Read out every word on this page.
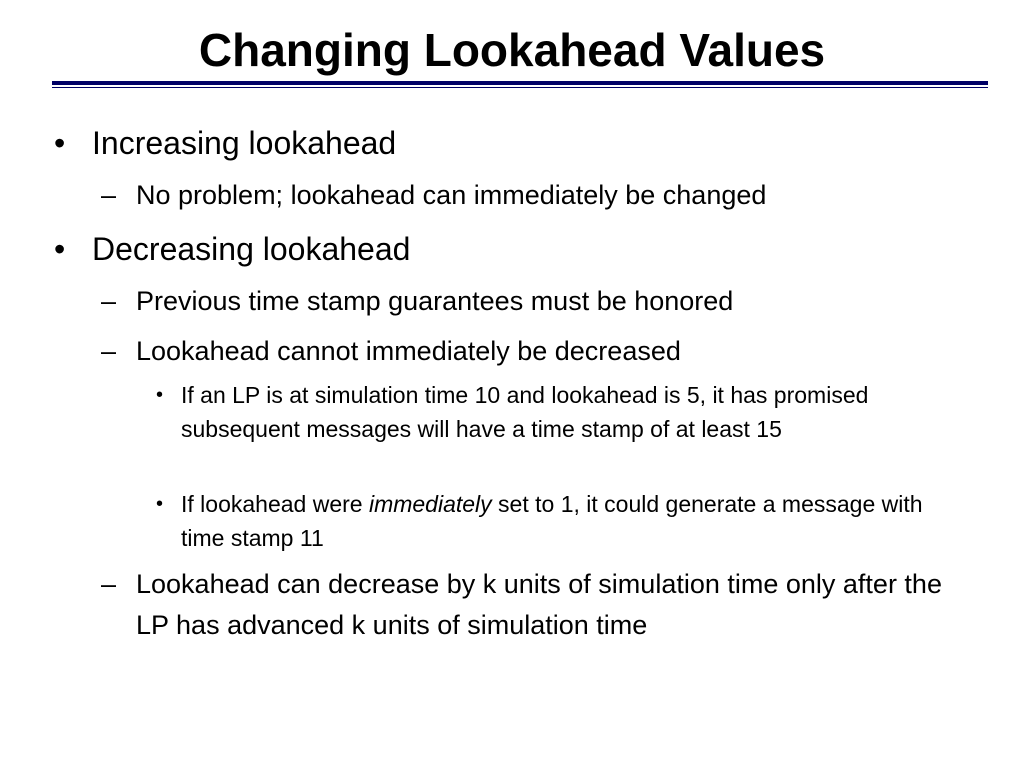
Changing Lookahead Values
• Increasing lookahead
– No problem; lookahead can immediately be changed
• Decreasing lookahead
– Previous time stamp guarantees must be honored
– Lookahead cannot immediately be decreased
• If an LP is at simulation time 10 and lookahead is 5, it has promised subsequent messages will have a time stamp of at least 15
• If lookahead were immediately set to 1, it could generate a message with time stamp 11
– Lookahead can decrease by k units of simulation time only after the LP has advanced k units of simulation time
